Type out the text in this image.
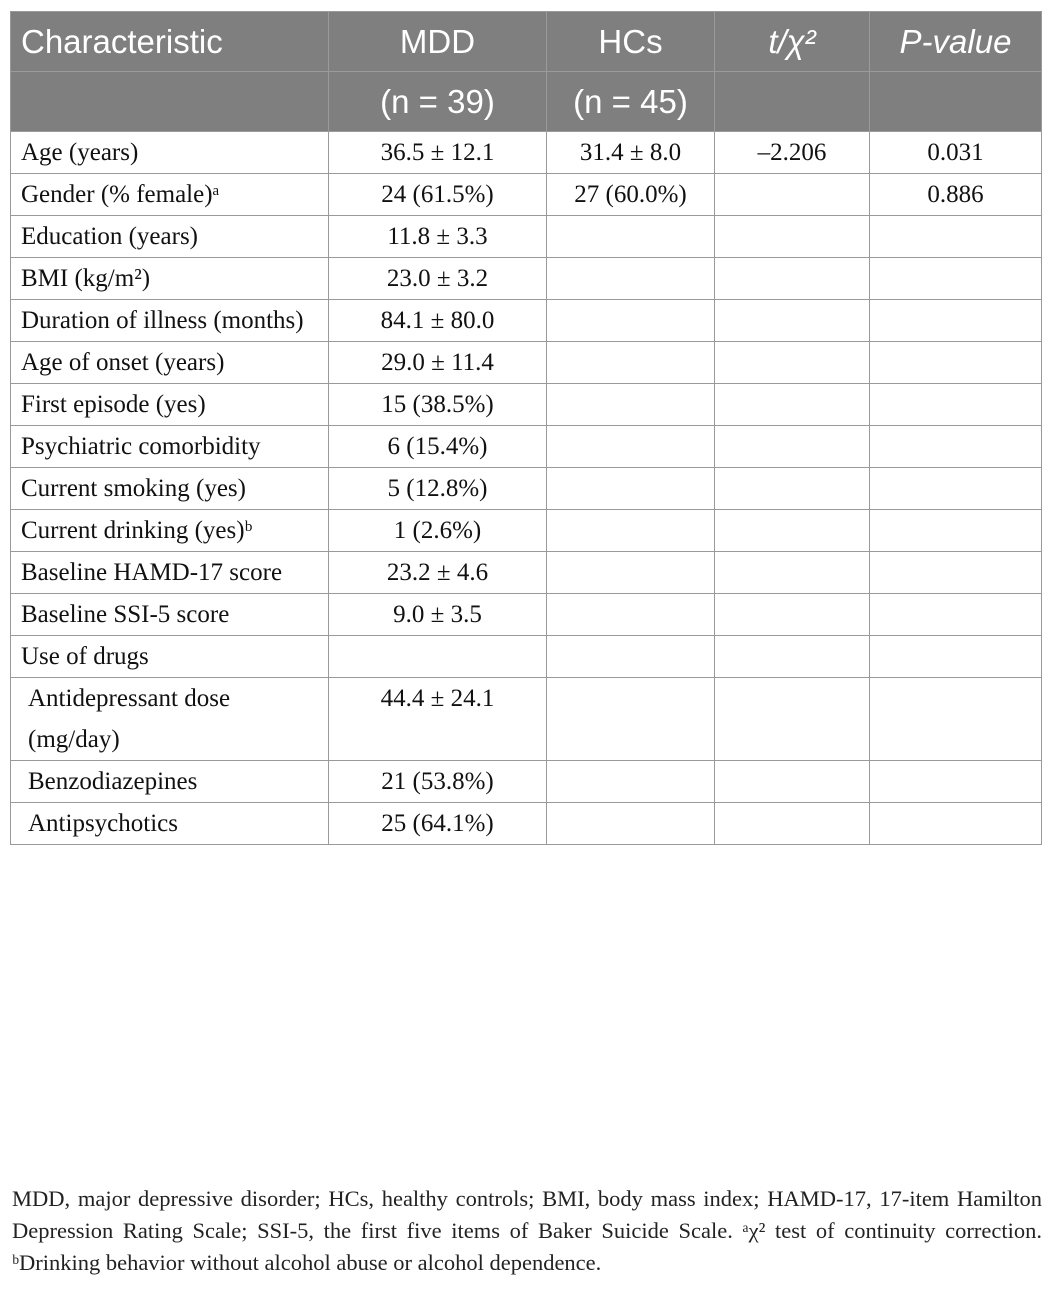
Characteristic	MDD	HCs	t/χ²	P-value
	(n = 39)	(n = 45)		
Age (years)	36.5 ± 12.1	31.4 ± 8.0	–2.206	0.031
Gender (% female)ᵃ	24 (61.5%)	27 (60.0%)		0.886
Education (years)	11.8 ± 3.3			
BMI (kg/m²)	23.0 ± 3.2			
Duration of illness (months)	84.1 ± 80.0			
Age of onset (years)	29.0 ± 11.4			
First episode (yes)	15 (38.5%)			
Psychiatric comorbidity	6 (15.4%)			
Current smoking (yes)	5 (12.8%)			
Current drinking (yes)ᵇ	1 (2.6%)			
Baseline HAMD-17 score	23.2 ± 4.6			
Baseline SSI-5 score	9.0 ± 3.5			
Use of drugs				
Antidepressant dose (mg/day)	44.4 ± 24.1			
Benzodiazepines	21 (53.8%)			
Antipsychotics	25 (64.1%)			
MDD, major depressive disorder; HCs, healthy controls; BMI, body mass index; HAMD-17, 17-item Hamilton Depression Rating Scale; SSI-5, the first five items of Baker Suicide Scale. ᵃχ² test of continuity correction. ᵇDrinking behavior without alcohol abuse or alcohol dependence.
